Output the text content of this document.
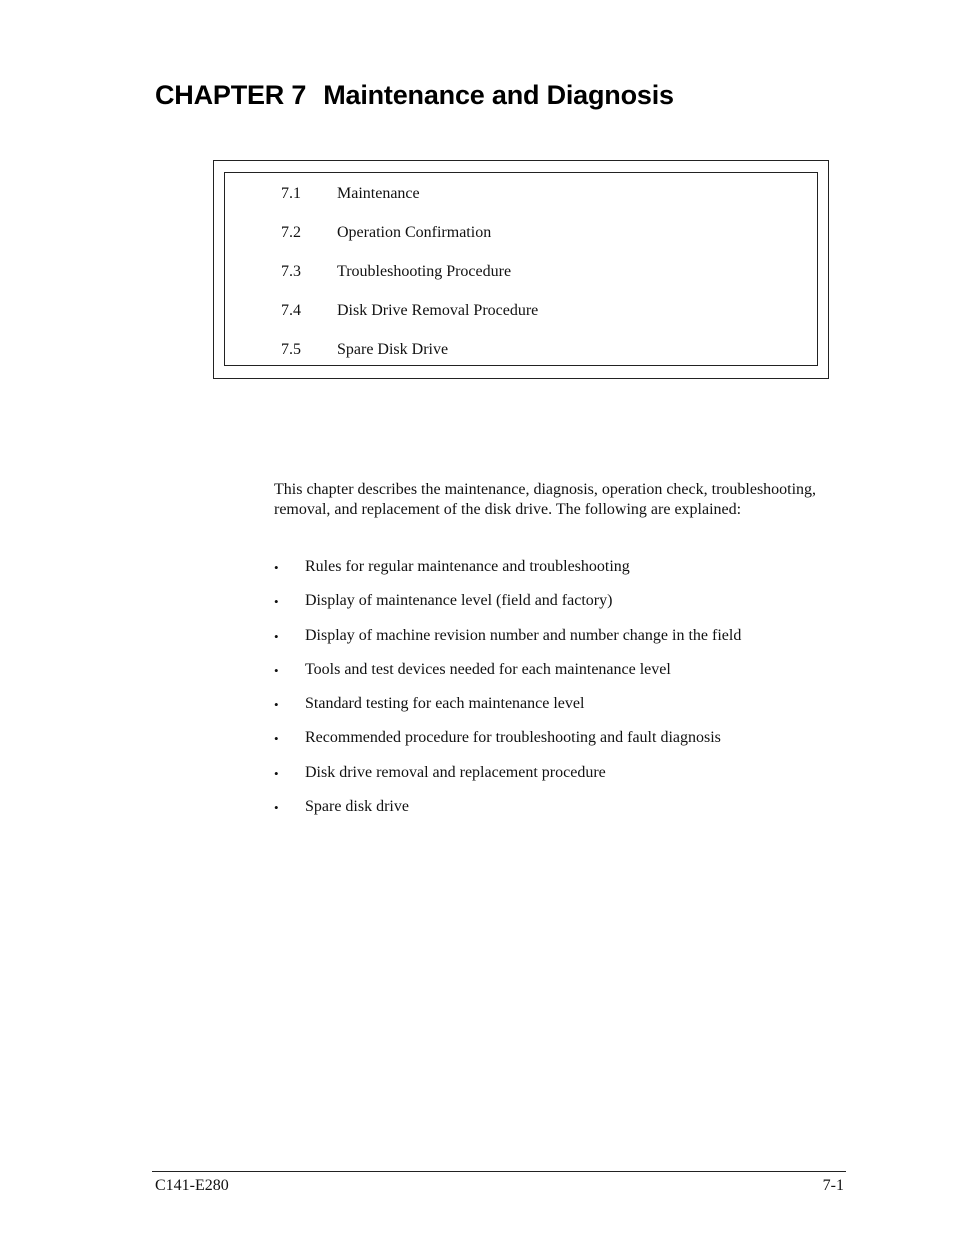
CHAPTER 7 Maintenance and Diagnosis
7.1 Maintenance
7.2 Operation Confirmation
7.3 Troubleshooting Procedure
7.4 Disk Drive Removal Procedure
7.5 Spare Disk Drive
This chapter describes the maintenance, diagnosis, operation check, troubleshooting, removal, and replacement of the disk drive. The following are explained:
• Rules for regular maintenance and troubleshooting
• Display of maintenance level (field and factory)
• Display of machine revision number and number change in the field
• Tools and test devices needed for each maintenance level
• Standard testing for each maintenance level
• Recommended procedure for troubleshooting and fault diagnosis
• Disk drive removal and replacement procedure
• Spare disk drive
C141-E280	7-1
